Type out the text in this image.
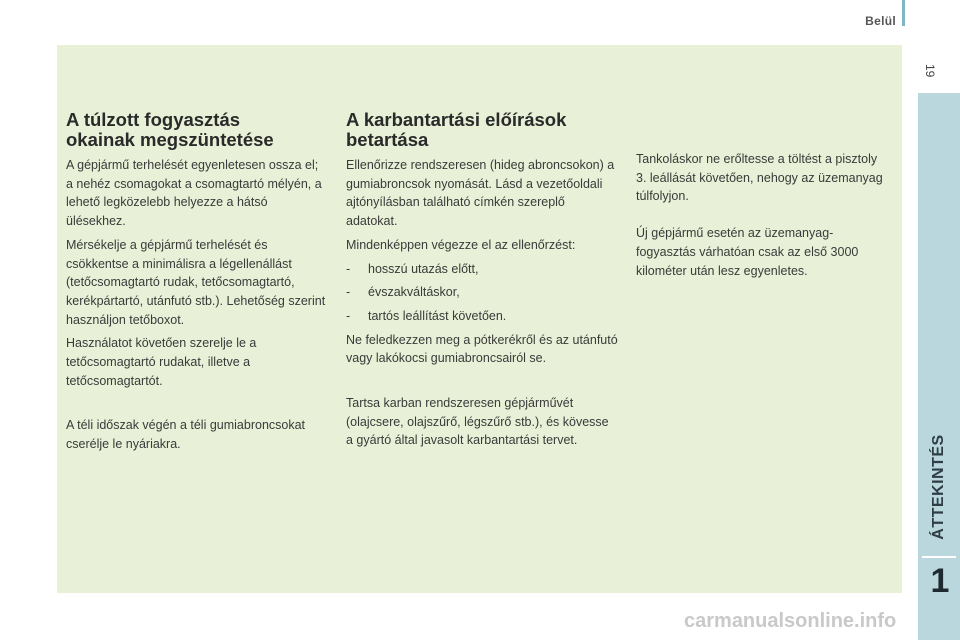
Belül
19
ÁTTEKINTÉS
1
A túlzott fogyasztás
okainak megszüntetése

A gépjármű terhelését egyenletesen ossza el; a nehéz csomagokat a csomagtartó mélyén, a lehető legközelebb helyezze a hátsó ülésekhez.

Mérsékelje a gépjármű terhelését és csökkentse a minimálisra a légellenállást (tetőcsomagtartó rudak, tetőcsomagtartó, kerékpártartó, utánfutó stb.). Lehetőség szerint használjon tetőboxot.

Használatot követően szerelje le a tetőcsomagtartó rudakat, illetve a tetőcsomagtartót.

A téli időszak végén a téli gumiabroncsokat cserélje le nyáriakra.

A karbantartási előírások
betartása

Ellenőrizze rendszeresen (hideg abroncsokon) a gumiabroncsok nyomását. Lásd a vezetőoldali ajtónyílásban található címkén szereplő adatokat.

Mindenképpen végezze el az ellenőrzést:

- hosszú utazás előtt,
- évszakváltáskor,
- tartós leállítást követően.

Ne feledkezzen meg a pótkerékről és az utánfutó vagy lakókocsi gumiabroncsairól se.

Tartsa karban rendszeresen gépjárművét (olajcsere, olajszűrő, légszűrő stb.), és kövesse a gyártó által javasolt karbantartási tervet.

Tankoláskor ne erőltesse a töltést a pisztoly 3. leállását követően, nehogy az üzemanyag túlfolyjon.

Új gépjármű esetén az üzemanyag-fogyasztás várhatóan csak az első 3000 kilométer után lesz egyenletes.

carmanualsonline.info
